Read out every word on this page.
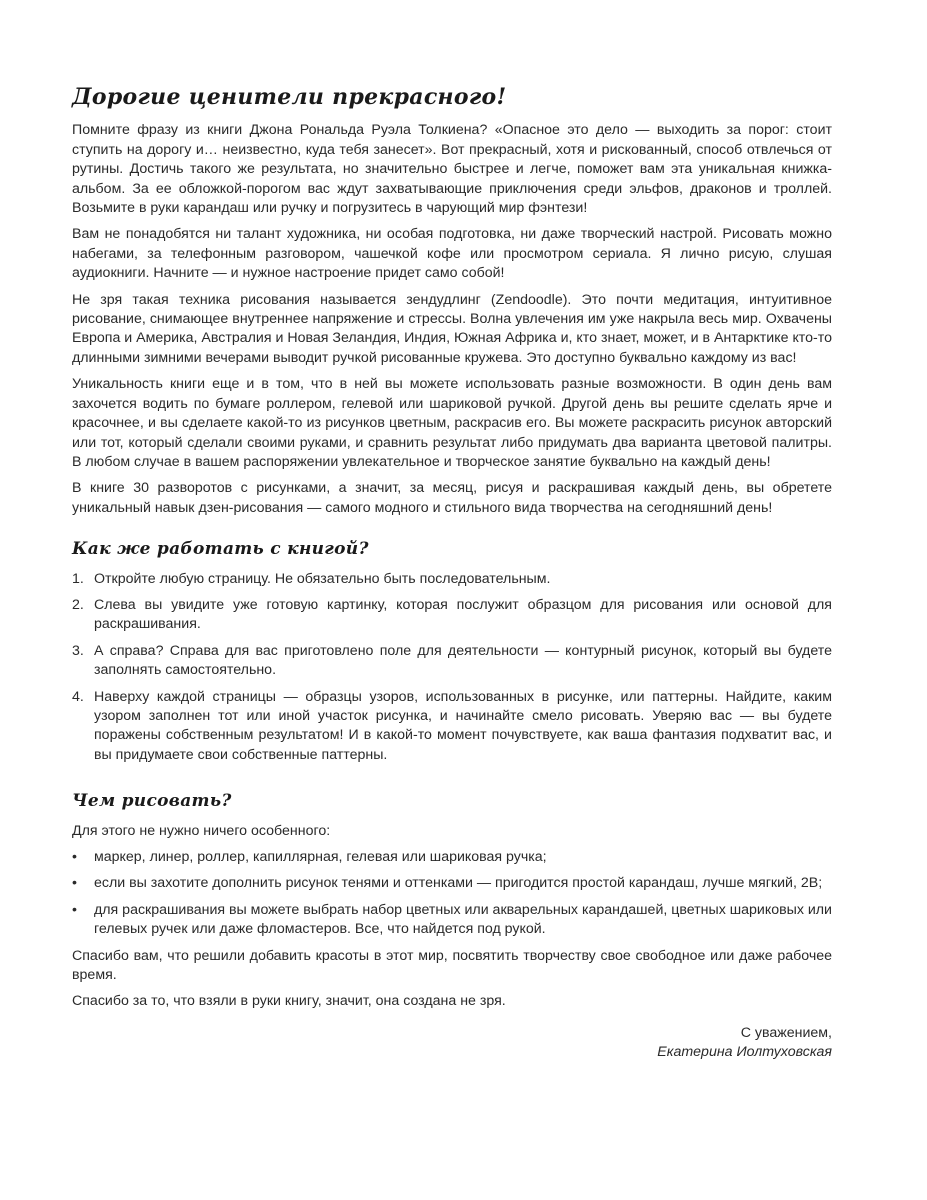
Дорогие ценители прекрасного!

Помните фразу из книги Джона Рональда Руэла Толкиена? «Опасное это дело — выходить за порог: стоит ступить на дорогу и… неизвестно, куда тебя занесет». Вот прекрасный, хотя и рискованный, способ отвлечься от рутины. Достичь такого же результата, но значительно быстрее и легче, поможет вам эта уникальная книжка-альбом. За ее обложкой-порогом вас ждут захватывающие приключения среди эльфов, драконов и троллей. Возьмите в руки карандаш или ручку и погрузитесь в чарующий мир фэнтези!

Вам не понадобятся ни талант художника, ни особая подготовка, ни даже творческий настрой. Рисовать можно набегами, за телефонным разговором, чашечкой кофе или просмотром сериала. Я лично рисую, слушая аудиокниги. Начните — и нужное настроение придет само собой!

Не зря такая техника рисования называется зендудлинг (Zendoodle). Это почти медитация, интуитивное рисование, снимающее внутреннее напряжение и стрессы. Волна увлечения им уже накрыла весь мир. Охвачены Европа и Америка, Австралия и Новая Зеландия, Индия, Южная Африка и, кто знает, может, и в Антарктике кто-то длинными зимними вечерами выводит ручкой рисованные кружева. Это доступно буквально каждому из вас!

Уникальность книги еще и в том, что в ней вы можете использовать разные возможности. В один день вам захочется водить по бумаге роллером, гелевой или шариковой ручкой. Другой день вы решите сделать ярче и красочнее, и вы сделаете какой-то из рисунков цветным, раскрасив его. Вы можете раскрасить рисунок авторский или тот, который сделали своими руками, и сравнить результат либо придумать два варианта цветовой палитры. В любом случае в вашем распоряжении увлекательное и творческое занятие буквально на каждый день!

В книге 30 разворотов с рисунками, а значит, за месяц, рисуя и раскрашивая каждый день, вы обретете уникальный навык дзен-рисования — самого модного и стильного вида творчества на сегодняшний день!

Как же работать с книгой?
1. Откройте любую страницу. Не обязательно быть последовательным.
2. Слева вы увидите уже готовую картинку, которая послужит образцом для рисования или основой для раскрашивания.
3. А справа? Справа для вас приготовлено поле для деятельности — контурный рисунок, который вы будете заполнять самостоятельно.
4. Наверху каждой страницы — образцы узоров, использованных в рисунке, или паттерны. Найдите, каким узором заполнен тот или иной участок рисунка, и начинайте смело рисовать. Уверяю вас — вы будете поражены собственным результатом! И в какой-то момент почувствуете, как ваша фантазия подхватит вас, и вы придумаете свои собственные паттерны.
Чем рисовать?

Для этого не нужно ничего особенного:

• маркер, линер, роллер, капиллярная, гелевая или шариковая ручка;
• если вы захотите дополнить рисунок тенями и оттенками — пригодится простой карандаш, лучше мягкий, 2В;
• для раскрашивания вы можете выбрать набор цветных или акварельных карандашей, цветных шариковых или гелевых ручек или даже фломастеров. Все, что найдется под рукой.

Спасибо вам, что решили добавить красоты в этот мир, посвятить творчеству свое свободное или даже рабочее время.

Спасибо за то, что взяли в руки книгу, значит, она создана не зря.

С уважением,
Екатерина Иолтуховская
